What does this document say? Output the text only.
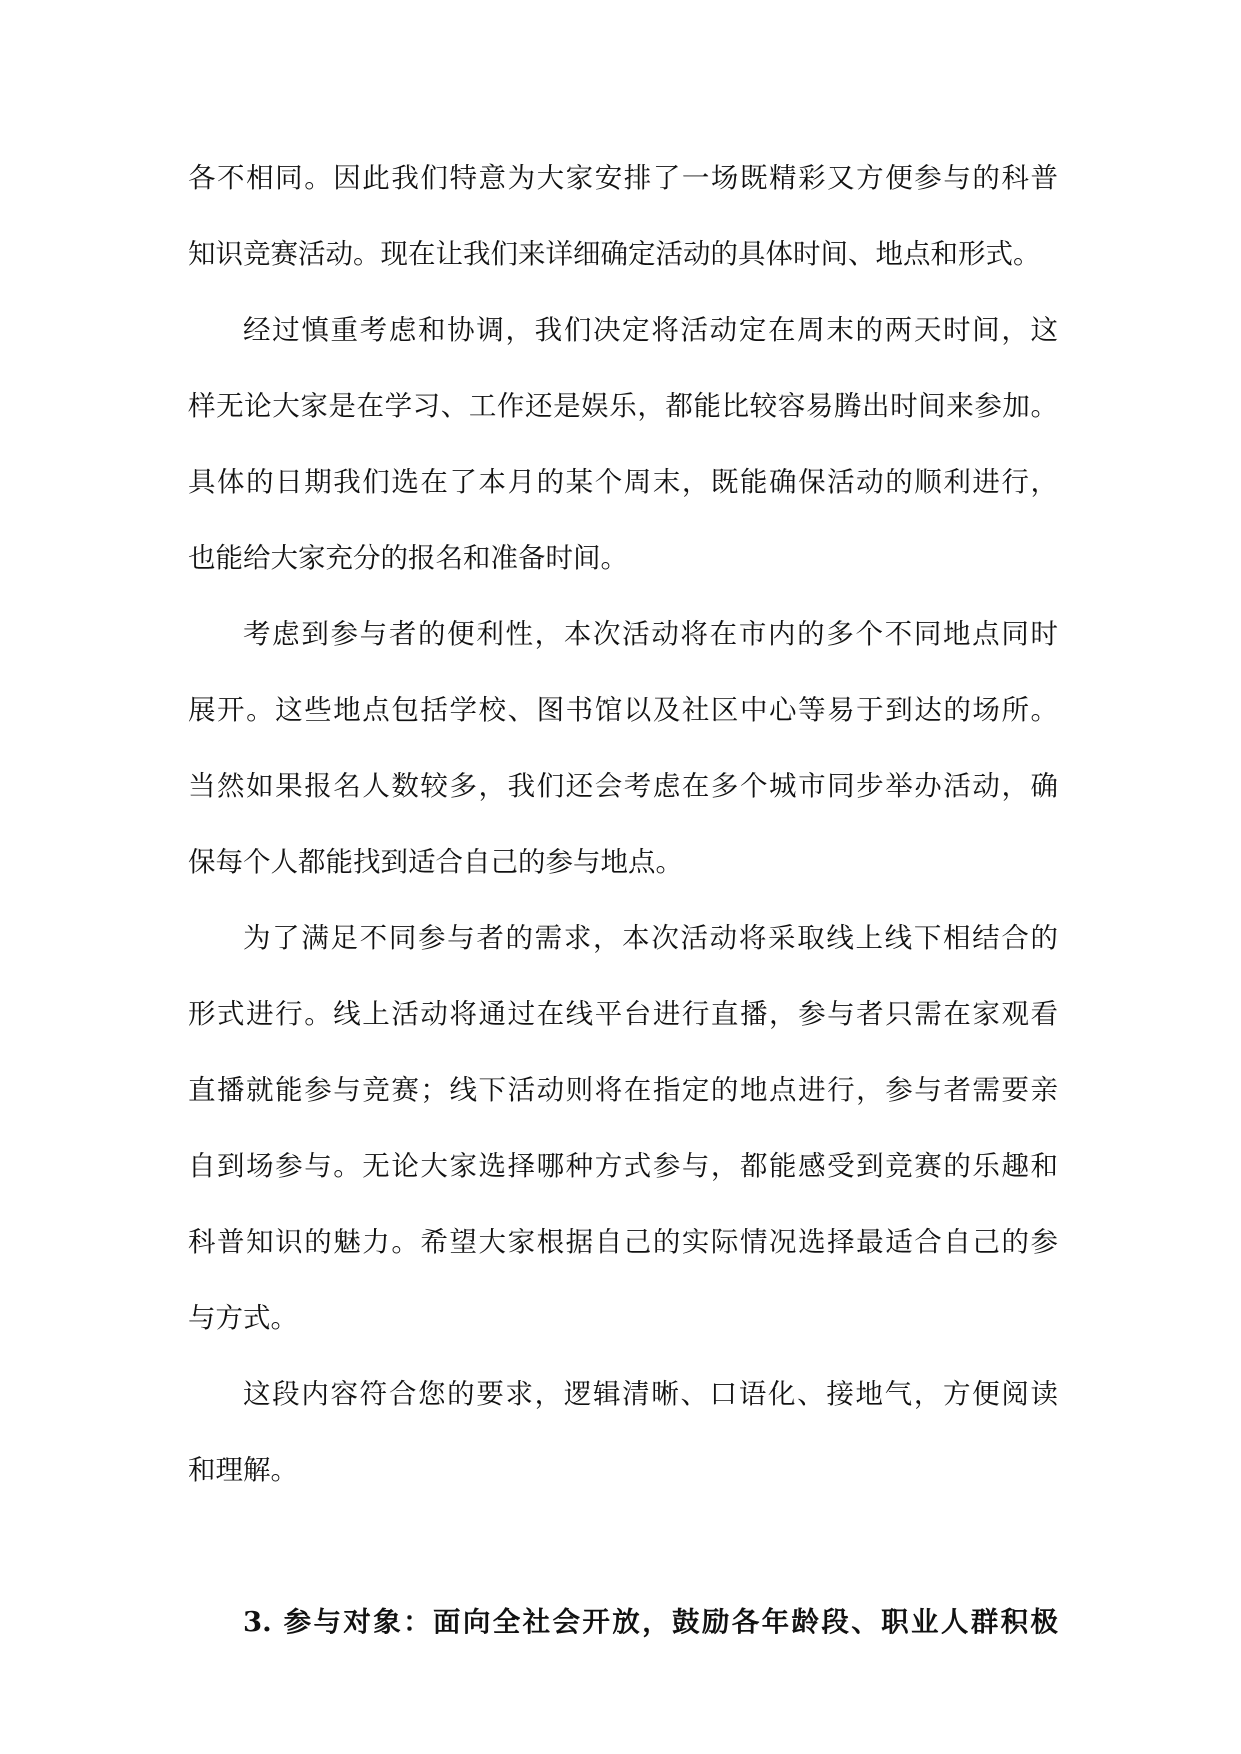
各不相同。因此我们特意为大家安排了一场既精彩又方便参与的科普
知识竞赛活动。现在让我们来详细确定活动的具体时间、地点和形式。
经过慎重考虑和协调，我们决定将活动定在周末的两天时间，这
样无论大家是在学习、工作还是娱乐，都能比较容易腾出时间来参加。
具体的日期我们选在了本月的某个周末，既能确保活动的顺利进行，
也能给大家充分的报名和准备时间。
考虑到参与者的便利性，本次活动将在市内的多个不同地点同时
展开。这些地点包括学校、图书馆以及社区中心等易于到达的场所。
当然如果报名人数较多，我们还会考虑在多个城市同步举办活动，确
保每个人都能找到适合自己的参与地点。
为了满足不同参与者的需求，本次活动将采取线上线下相结合的
形式进行。线上活动将通过在线平台进行直播，参与者只需在家观看
直播就能参与竞赛；线下活动则将在指定的地点进行，参与者需要亲
自到场参与。无论大家选择哪种方式参与，都能感受到竞赛的乐趣和
科普知识的魅力。希望大家根据自己的实际情况选择最适合自己的参
与方式。
这段内容符合您的要求，逻辑清晰、口语化、接地气，方便阅读
和理解。
3. 参与对象：面向全社会开放，鼓励各年龄段、职业人群积极
